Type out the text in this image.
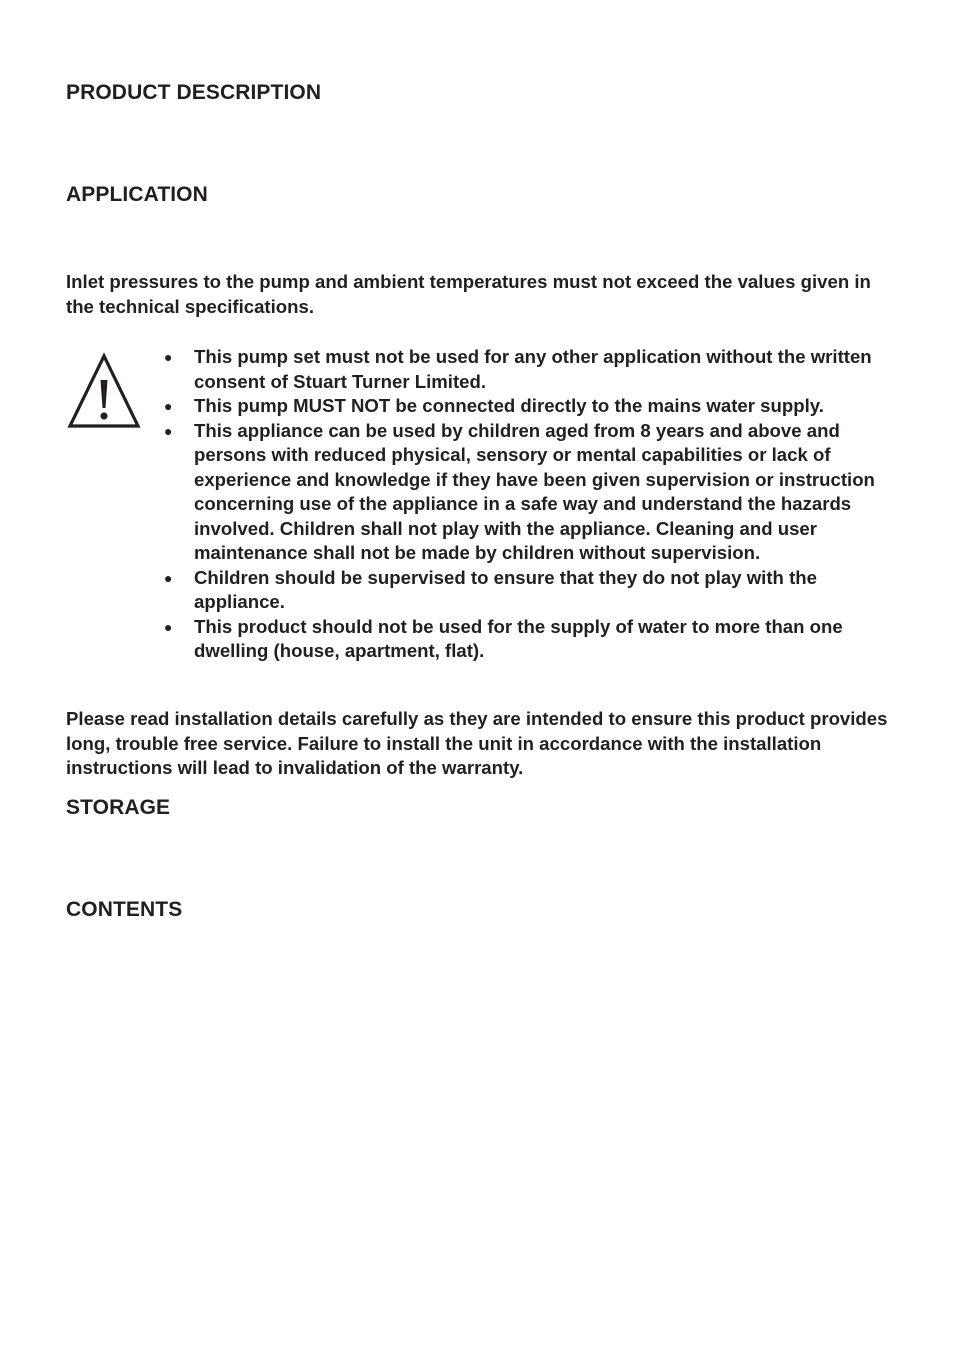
PRODUCT DESCRIPTION
APPLICATION

Inlet pressures to the pump and ambient temperatures must not exceed the values given in the technical specifications.

● This pump set must not be used for any other application without the written consent of Stuart Turner Limited.
● This pump MUST NOT be connected directly to the mains water supply.
● This appliance can be used by children aged from 8 years and above and persons with reduced physical, sensory or mental capabilities or lack of experience and knowledge if they have been given supervision or instruction concerning use of the appliance in a safe way and understand the hazards involved. Children shall not play with the appliance. Cleaning and user maintenance shall not be made by children without supervision.
● Children should be supervised to ensure that they do not play with the appliance.
● This product should not be used for the supply of water to more than one dwelling (house, apartment, flat).

Please read installation details carefully as they are intended to ensure this product provides long, trouble free service. Failure to install the unit in accordance with the installation instructions will lead to invalidation of the warranty.

STORAGE
CONTENTS
